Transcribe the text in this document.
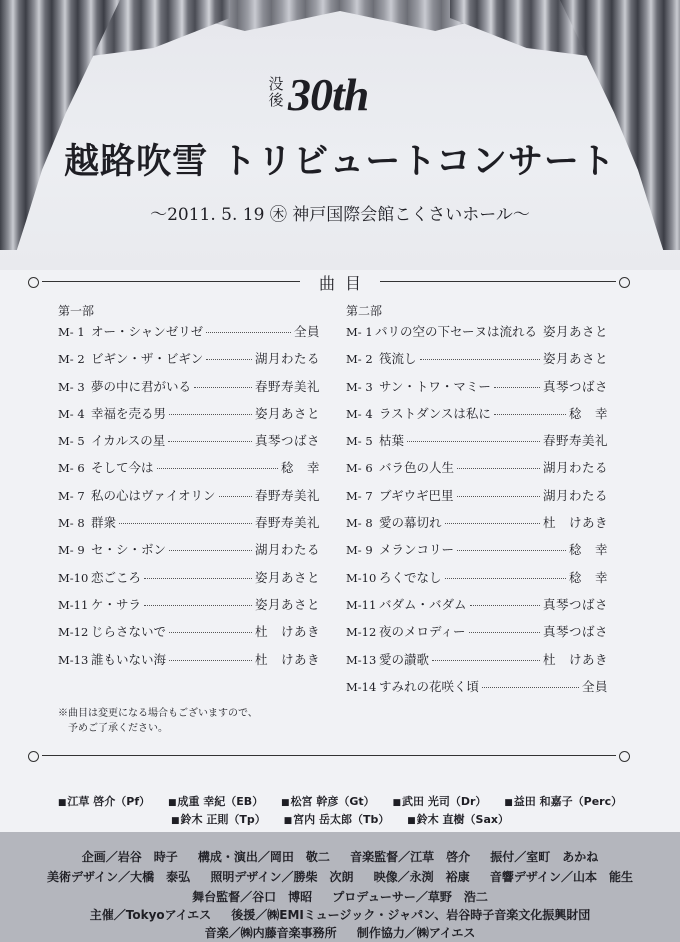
没後 30th
越路吹雪 トリビュートコンサート
〜2011. 5. 19 ㊍ 神戸国際会館こくさいホール〜
曲目
第一部
M- 1 オー・シャンゼリゼ	全員
M- 2 ビギン・ザ・ビギン	湖月わたる
M- 3 夢の中に君がいる	春野寿美礼
M- 4 幸福を売る男	姿月あさと
M- 5 イカルスの星	真琴つばさ
M- 6 そして今は	稔　幸
M- 7 私の心はヴァイオリン	春野寿美礼
M- 8 群衆	春野寿美礼
M- 9 セ・シ・ボン	湖月わたる
M-10 恋ごころ	姿月あさと
M-11 ケ・サラ	姿月あさと
M-12 じらさないで	杜　けあき
M-13 誰もいない海	杜　けあき
第二部
M- 1 パリの空の下セーヌは流れる 姿月あさと
M- 2 筏流し	姿月あさと
M- 3 サン・トワ・マミー	真琴つばさ
M- 4 ラストダンスは私に	稔　幸
M- 5 枯葉	春野寿美礼
M- 6 バラ色の人生	湖月わたる
M- 7 ブギウギ巴里	湖月わたる
M- 8 愛の幕切れ	杜　けあき
M- 9 メランコリー	稔　幸
M-10 ろくでなし	稔　幸
M-11 バダム・バダム	真琴つばさ
M-12 夜のメロディー	真琴つばさ
M-13 愛の讃歌	杜　けあき
M-14 すみれの花咲く頃	全員
※曲目は変更になる場合もございますので、
予めご了承ください。
■ 江草 啓介（Pf） ■ 成重 幸紀（EB） ■ 松宮 幹彦（Gt） ■ 武田 光司（Dr） ■ 益田 和嘉子（Perc）
■ 鈴木 正則（Tp） ■ 宮内 岳太郎（Tb） ■ 鈴木 直樹（Sax）
企画／岩谷　時子 構成・演出／岡田　敬二 音楽監督／江草　啓介 振付／室町　あかね
美術デザイン／大橋　泰弘 照明デザイン／勝柴　次朗 映像／永渕　裕康 音響デザイン／山本　能生
舞台監督／谷口　博昭 プロデューサー／草野　浩二
主催／Tokyoアイエス 後援／㈱EMIミュージック・ジャパン、岩谷時子音楽文化振興財団
音楽／㈱内藤音楽事務所 制作協力／㈱アイエス
